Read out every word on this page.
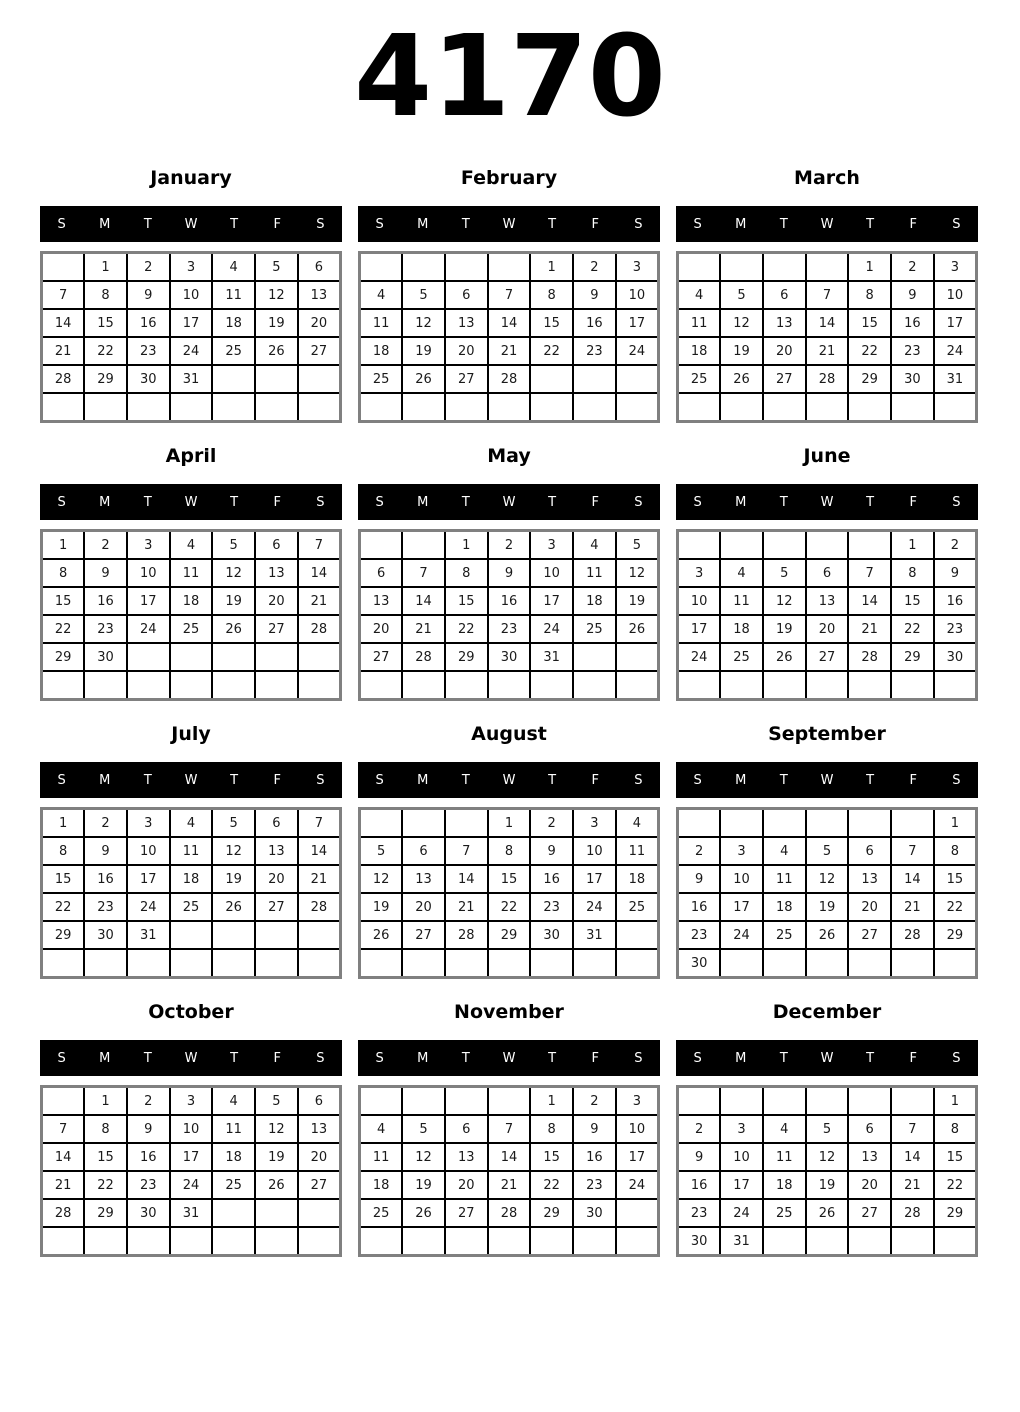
4170
January
S	M	T	W	T	F	S
	1	2	3	4	5	6
7	8	9	10	11	12	13
14	15	16	17	18	19	20
21	22	23	24	25	26	27
28	29	30	31			

February
S	M	T	W	T	F	S
				1	2	3
4	5	6	7	8	9	10
11	12	13	14	15	16	17
18	19	20	21	22	23	24
25	26	27	28			

March
S	M	T	W	T	F	S
				1	2	3
4	5	6	7	8	9	10
11	12	13	14	15	16	17
18	19	20	21	22	23	24
25	26	27	28	29	30	31

April
S	M	T	W	T	F	S
1	2	3	4	5	6	7
8	9	10	11	12	13	14
15	16	17	18	19	20	21
22	23	24	25	26	27	28
29	30					

May
S	M	T	W	T	F	S
		1	2	3	4	5
6	7	8	9	10	11	12
13	14	15	16	17	18	19
20	21	22	23	24	25	26
27	28	29	30	31		

June
S	M	T	W	T	F	S
					1	2
3	4	5	6	7	8	9
10	11	12	13	14	15	16
17	18	19	20	21	22	23
24	25	26	27	28	29	30

July
S	M	T	W	T	F	S
1	2	3	4	5	6	7
8	9	10	11	12	13	14
15	16	17	18	19	20	21
22	23	24	25	26	27	28
29	30	31				

August
S	M	T	W	T	F	S
			1	2	3	4
5	6	7	8	9	10	11
12	13	14	15	16	17	18
19	20	21	22	23	24	25
26	27	28	29	30	31	

September
S	M	T	W	T	F	S
						1
2	3	4	5	6	7	8
9	10	11	12	13	14	15
16	17	18	19	20	21	22
23	24	25	26	27	28	29
30						
October
S	M	T	W	T	F	S
	1	2	3	4	5	6
7	8	9	10	11	12	13
14	15	16	17	18	19	20
21	22	23	24	25	26	27
28	29	30	31			

November
S	M	T	W	T	F	S
				1	2	3
4	5	6	7	8	9	10
11	12	13	14	15	16	17
18	19	20	21	22	23	24
25	26	27	28	29	30	

December
S	M	T	W	T	F	S
						1
2	3	4	5	6	7	8
9	10	11	12	13	14	15
16	17	18	19	20	21	22
23	24	25	26	27	28	29
30	31					
